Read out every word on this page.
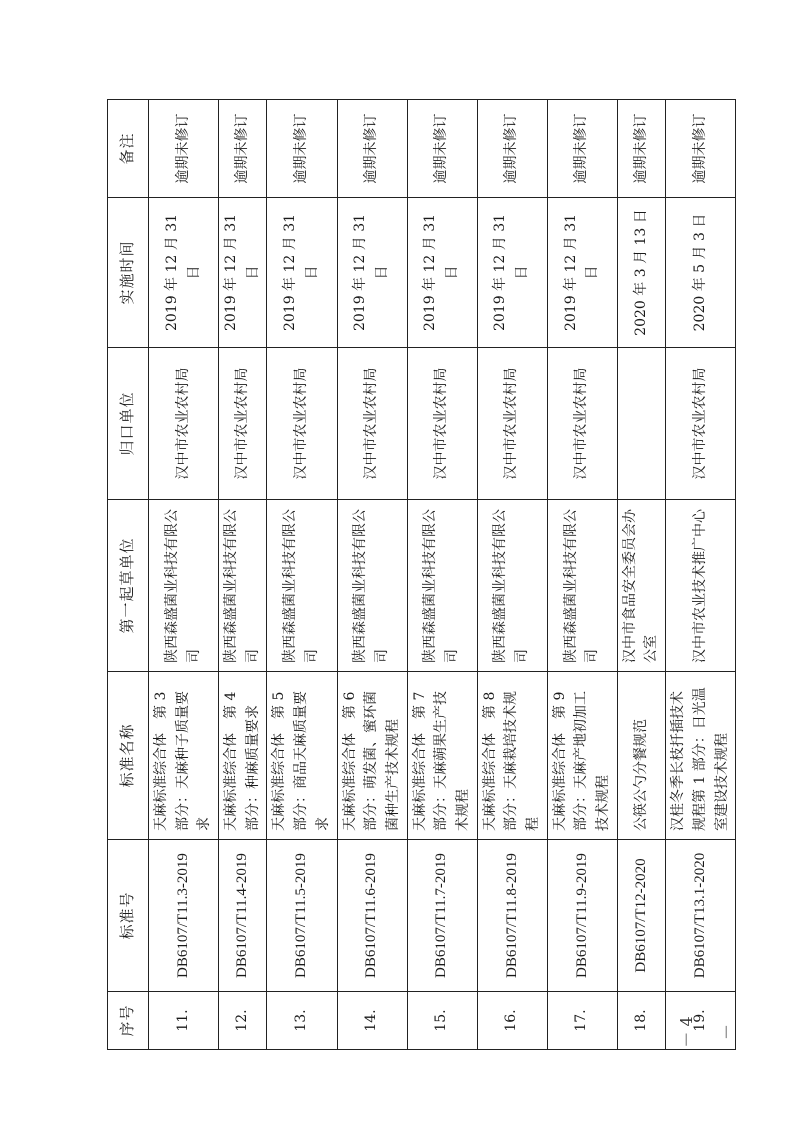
序号	标准号	标准名称	第一起草单位	归口单位	实施时间	备注
11.	DB6107/T11.3-2019	天麻标准综合体　第 3 部分：天麻种子质量要求	陕西森盛菌业科技有限公司	汉中市农业农村局	2019 年 12 月 31 日	逾期未修订
12.	DB6107/T11.4-2019	天麻标准综合体　第 4 部分：种麻质量要求	陕西森盛菌业科技有限公司	汉中市农业农村局	2019 年 12 月 31 日	逾期未修订
13.	DB6107/T11.5-2019	天麻标准综合体　第 5 部分：商品天麻质量要求	陕西森盛菌业科技有限公司	汉中市农业农村局	2019 年 12 月 31 日	逾期未修订
14.	DB6107/T11.6-2019	天麻标准综合体　第 6 部分：萌发菌、蜜环菌菌种生产技术规程	陕西森盛菌业科技有限公司	汉中市农业农村局	2019 年 12 月 31 日	逾期未修订
15.	DB6107/T11.7-2019	天麻标准综合体　第 7 部分：天麻蒴果生产技术规程	陕西森盛菌业科技有限公司	汉中市农业农村局	2019 年 12 月 31 日	逾期未修订
16.	DB6107/T11.8-2019	天麻标准综合体　第 8 部分：天麻栽培技术规程	陕西森盛菌业科技有限公司	汉中市农业农村局	2019 年 12 月 31 日	逾期未修订
17.	DB6107/T11.9-2019	天麻标准综合体　第 9 部分：天麻产地初加工技术规程	陕西森盛菌业科技有限公司	汉中市农业农村局	2019 年 12 月 31 日	逾期未修订
18.	DB6107/T12-2020	公筷公勺分餐规范	汉中市食品安全委员会办公室		2020 年 3 月 13 日	逾期未修订
19.	DB6107/T13.1-2020	汉桂冬季长枝扦插技术规程第 1 部分：日光温室建设技术规程	汉中市农业技术推广中心	汉中市农业农村局	2020 年 5 月 3 日	逾期未修订
－ 4 －
